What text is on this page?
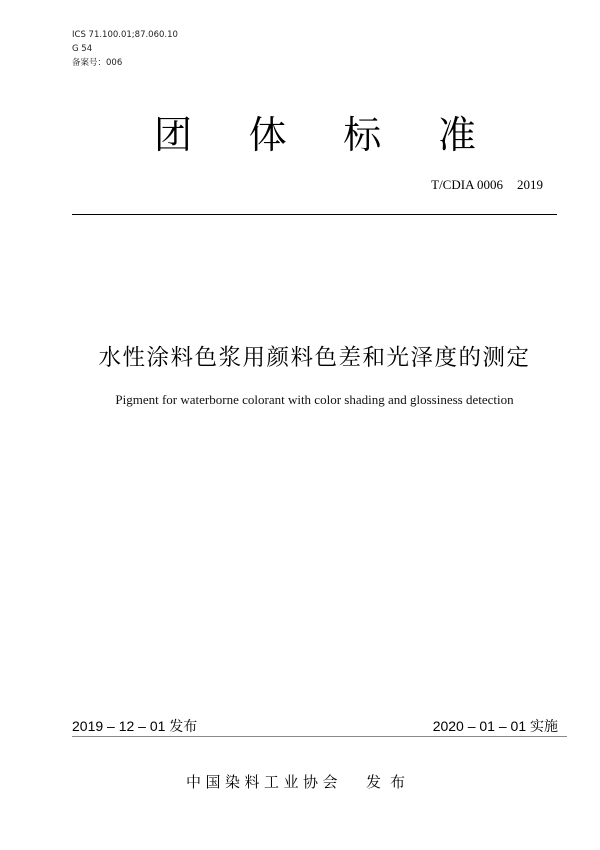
ICS 71.100.01;87.060.10
G 54
备案号：006
团 体 标 准
T/CDIA 0006 2019
水性涂料色浆用颜料色差和光泽度的测定
Pigment for waterborne colorant with color shading and glossiness detection
2019 – 12 – 01 发布	2020 – 01 – 01 实施
中国染料工业协会 发布
